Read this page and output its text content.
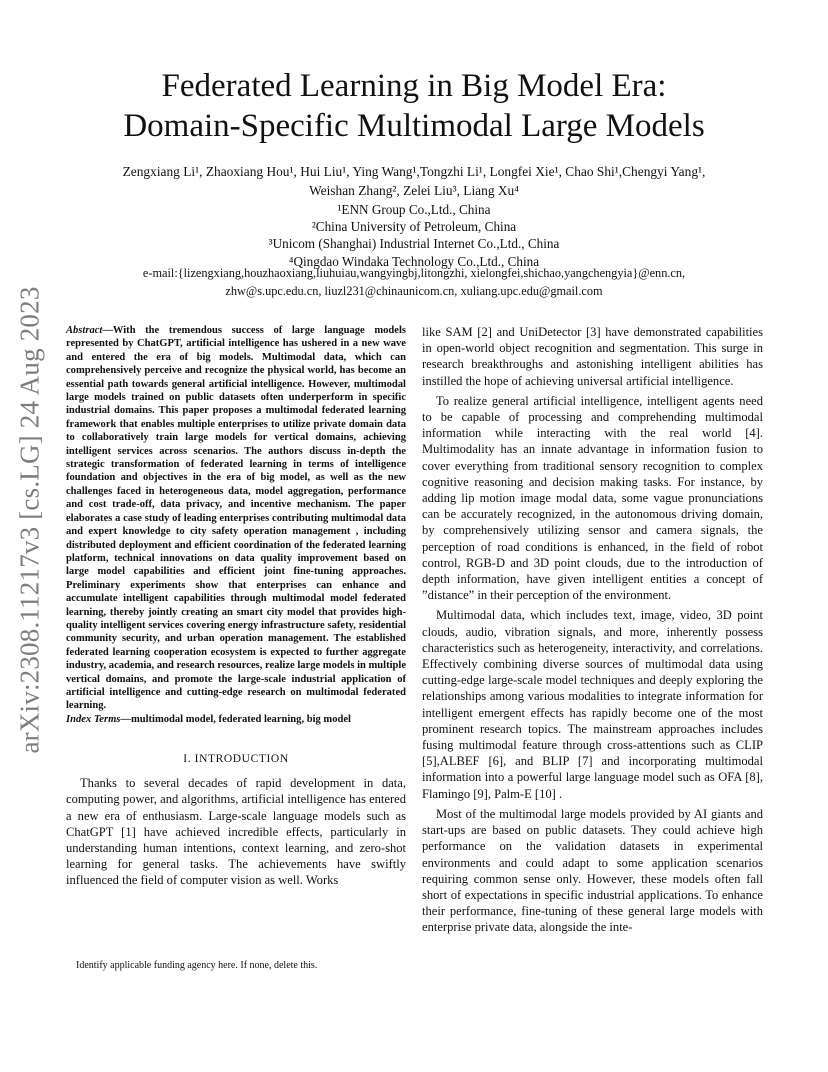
arXiv:2308.11217v3 [cs.LG] 24 Aug 2023
Federated Learning in Big Model Era:
Domain-Specific Multimodal Large Models
Zengxiang Li¹, Zhaoxiang Hou¹, Hui Liu¹, Ying Wang¹,Tongzhi Li¹, Longfei Xie¹, Chao Shi¹,Chengyi Yang¹,
Weishan Zhang², Zelei Liu³, Liang Xu⁴
¹ENN Group Co.,Ltd., China
²China University of Petroleum, China
³Unicom (Shanghai) Industrial Internet Co.,Ltd., China
⁴Qingdao Windaka Technology Co.,Ltd., China
e-mail:{lizengxiang,houzhaoxiang,liuhuiau,wangyingbj,litongzhi, xielongfei,shichao,yangchengyia}@enn.cn,
zhw@s.upc.edu.cn, liuzl231@chinaunicom.cn, xuliang.upc.edu@gmail.com
Abstract—With the tremendous success of large language models represented by ChatGPT, artificial intelligence has ushered in a new wave and entered the era of big models. Multimodal data, which can comprehensively perceive and recognize the physical world, has become an essential path towards general artificial intelligence. However, multimodal large models trained on public datasets often underperform in specific industrial domains. This paper proposes a multimodal federated learning framework that enables multiple enterprises to utilize private domain data to collaboratively train large models for vertical domains, achieving intelligent services across scenarios. The authors discuss in-depth the strategic transformation of federated learning in terms of intelligence foundation and objectives in the era of big model, as well as the new challenges faced in heterogeneous data, model aggregation, performance and cost trade-off, data privacy, and incentive mechanism. The paper elaborates a case study of leading enterprises contributing multimodal data and expert knowledge to city safety operation management , including distributed deployment and efficient coordination of the federated learning platform, technical innovations on data quality improvement based on large model capabilities and efficient joint fine-tuning approaches. Preliminary experiments show that enterprises can enhance and accumulate intelligent capabilities through multimodal model federated learning, thereby jointly creating an smart city model that provides high-quality intelligent services covering energy infrastructure safety, residential community security, and urban operation management. The established federated learning cooperation ecosystem is expected to further aggregate industry, academia, and research resources, realize large models in multiple vertical domains, and promote the large-scale industrial application of artificial intelligence and cutting-edge research on multimodal federated learning.
Index Terms—multimodal model, federated learning, big model
I. INTRODUCTION

Thanks to several decades of rapid development in data, computing power, and algorithms, artificial intelligence has entered a new era of enthusiasm. Large-scale language models such as ChatGPT [1] have achieved incredible effects, particularly in understanding human intentions, context learning, and zero-shot learning for general tasks. The achievements have swiftly influenced the field of computer vision as well. Works

Identify applicable funding agency here. If none, delete this.

like SAM [2] and UniDetector [3] have demonstrated capabilities in open-world object recognition and segmentation. This surge in research breakthroughs and astonishing intelligent abilities has instilled the hope of achieving universal artificial intelligence.

To realize general artificial intelligence, intelligent agents need to be capable of processing and comprehending multimodal information while interacting with the real world [4]. Multimodality has an innate advantage in information fusion to cover everything from traditional sensory recognition to complex cognitive reasoning and decision making tasks. For instance, by adding lip motion image modal data, some vague pronunciations can be accurately recognized, in the autonomous driving domain, by comprehensively utilizing sensor and camera signals, the perception of road conditions is enhanced, in the field of robot control, RGB-D and 3D point clouds, due to the introduction of depth information, have given intelligent entities a concept of ”distance” in their perception of the environment.

Multimodal data, which includes text, image, video, 3D point clouds, audio, vibration signals, and more, inherently possess characteristics such as heterogeneity, interactivity, and correlations. Effectively combining diverse sources of multimodal data using cutting-edge large-scale model techniques and deeply exploring the relationships among various modalities to integrate information for intelligent emergent effects has rapidly become one of the most prominent research topics. The mainstream approaches includes fusing multimodal feature through cross-attentions such as CLIP [5],ALBEF [6], and BLIP [7] and incorporating multimodal information into a powerful large language model such as OFA [8], Flamingo [9], Palm-E [10] .

Most of the multimodal large models provided by AI giants and start-ups are based on public datasets. They could achieve high performance on the validation datasets in experimental environments and could adapt to some application scenarios requiring common sense only. However, these models often fall short of expectations in specific industrial applications. To enhance their performance, fine-tuning of these general large models with enterprise private data, alongside the inte-
